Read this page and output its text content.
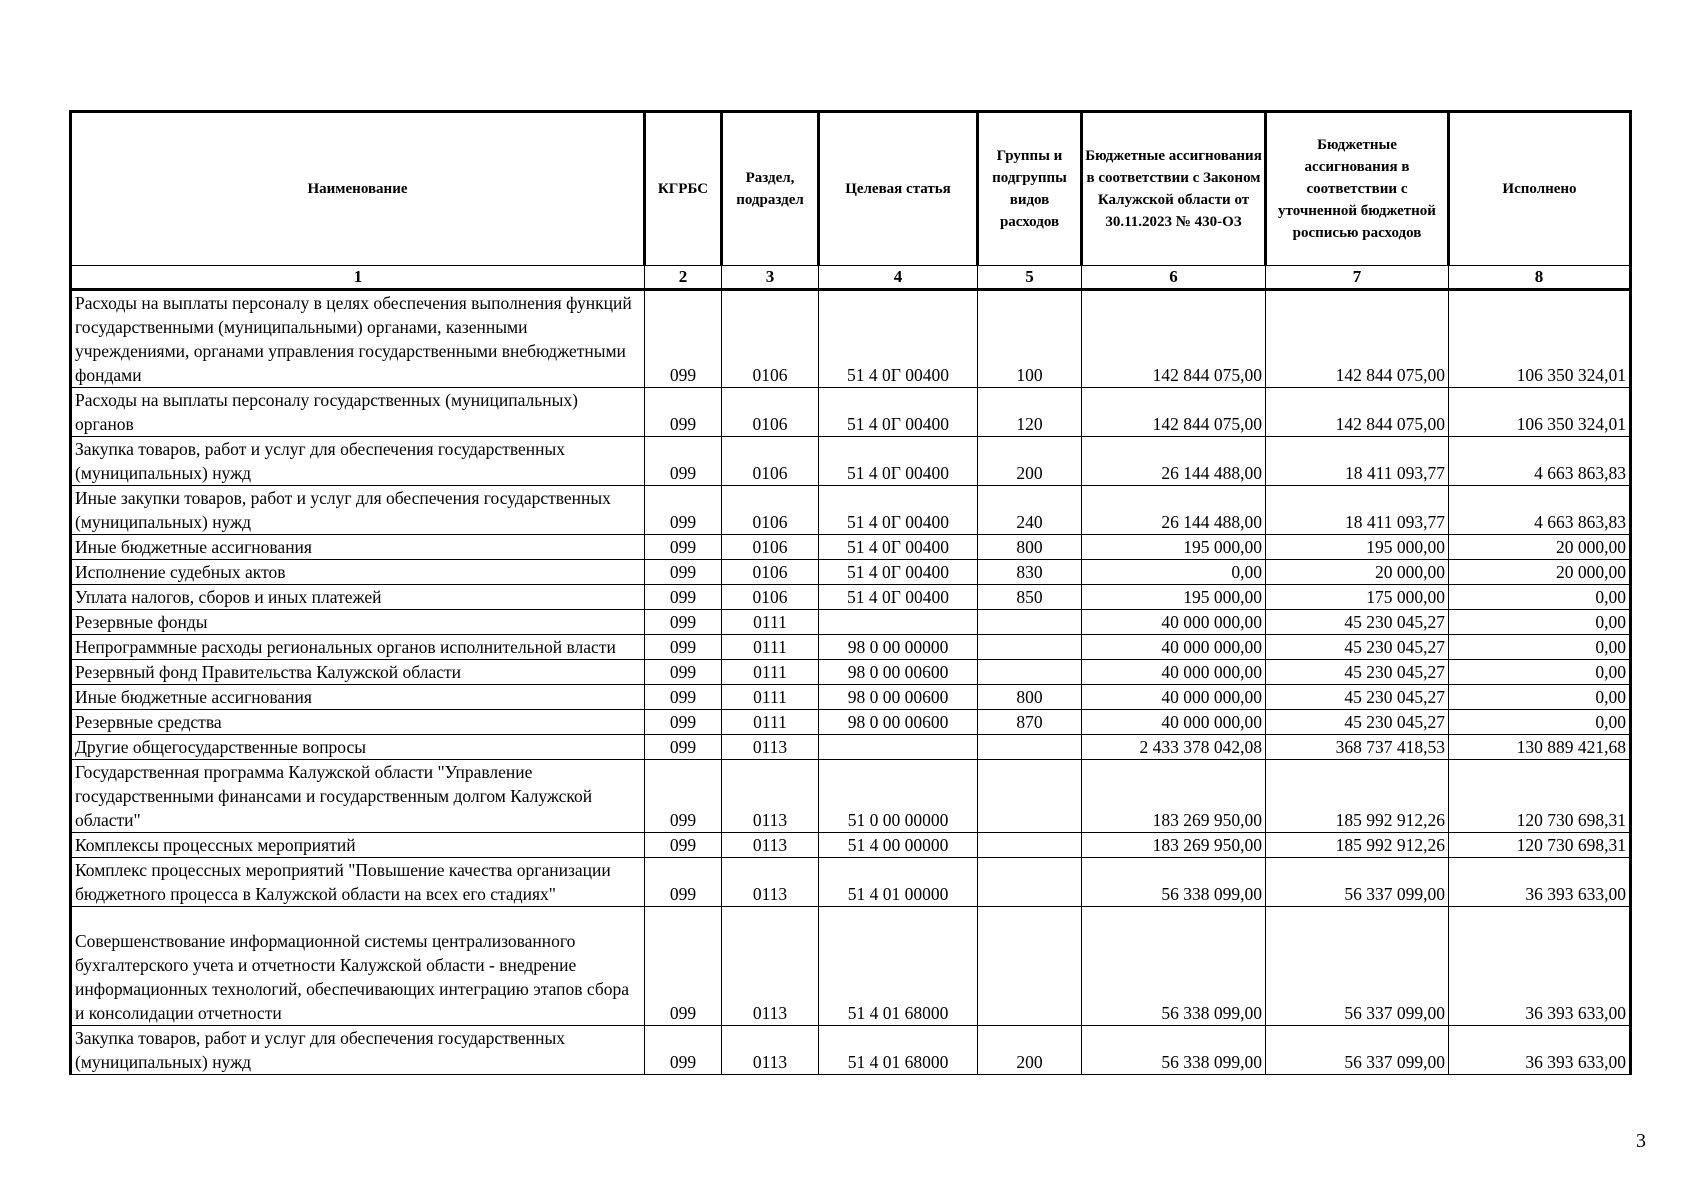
Наименование	КГРБС	Раздел, подраздел	Целевая статья	Группы и подгруппы видов расходов	Бюджетные ассигнования в соответствии с Законом Калужской области от 30.11.2023 № 430-ОЗ	Бюджетные ассигнования в соответствии с уточненной бюджетной росписью расходов	Исполнено
1	2	3	4	5	6	7	8
Расходы на выплаты персоналу в целях обеспечения выполнения функций государственными (муниципальными) органами, казенными учреждениями, органами управления государственными внебюджетными фондами	099	0106	51 4 0Г 00400	100	142 844 075,00	142 844 075,00	106 350 324,01
Расходы на выплаты персоналу государственных (муниципальных) органов	099	0106	51 4 0Г 00400	120	142 844 075,00	142 844 075,00	106 350 324,01
Закупка товаров, работ и услуг для обеспечения государственных (муниципальных) нужд	099	0106	51 4 0Г 00400	200	26 144 488,00	18 411 093,77	4 663 863,83
Иные закупки товаров, работ и услуг для обеспечения государственных (муниципальных) нужд	099	0106	51 4 0Г 00400	240	26 144 488,00	18 411 093,77	4 663 863,83
Иные бюджетные ассигнования	099	0106	51 4 0Г 00400	800	195 000,00	195 000,00	20 000,00
Исполнение судебных актов	099	0106	51 4 0Г 00400	830	0,00	20 000,00	20 000,00
Уплата налогов, сборов и иных платежей	099	0106	51 4 0Г 00400	850	195 000,00	175 000,00	0,00
Резервные фонды	099	0111			40 000 000,00	45 230 045,27	0,00
Непрограммные расходы региональных органов исполнительной власти	099	0111	98 0 00 00000		40 000 000,00	45 230 045,27	0,00
Резервный фонд Правительства Калужской области	099	0111	98 0 00 00600		40 000 000,00	45 230 045,27	0,00
Иные бюджетные ассигнования	099	0111	98 0 00 00600	800	40 000 000,00	45 230 045,27	0,00
Резервные средства	099	0111	98 0 00 00600	870	40 000 000,00	45 230 045,27	0,00
Другие общегосударственные вопросы	099	0113			2 433 378 042,08	368 737 418,53	130 889 421,68
Государственная программа Калужской области "Управление государственными финансами и государственным долгом Калужской области"	099	0113	51 0 00 00000		183 269 950,00	185 992 912,26	120 730 698,31
Комплексы процессных мероприятий	099	0113	51 4 00 00000		183 269 950,00	185 992 912,26	120 730 698,31
Комплекс процессных мероприятий "Повышение качества организации бюджетного процесса в Калужской области на всех его стадиях"	099	0113	51 4 01 00000		56 338 099,00	56 337 099,00	36 393 633,00
Совершенствование информационной системы централизованного бухгалтерского учета и отчетности Калужской области - внедрение информационных технологий, обеспечивающих интеграцию этапов сбора и консолидации отчетности	099	0113	51 4 01 68000		56 338 099,00	56 337 099,00	36 393 633,00
Закупка товаров, работ и услуг для обеспечения государственных (муниципальных) нужд	099	0113	51 4 01 68000	200	56 338 099,00	56 337 099,00	36 393 633,00
3
